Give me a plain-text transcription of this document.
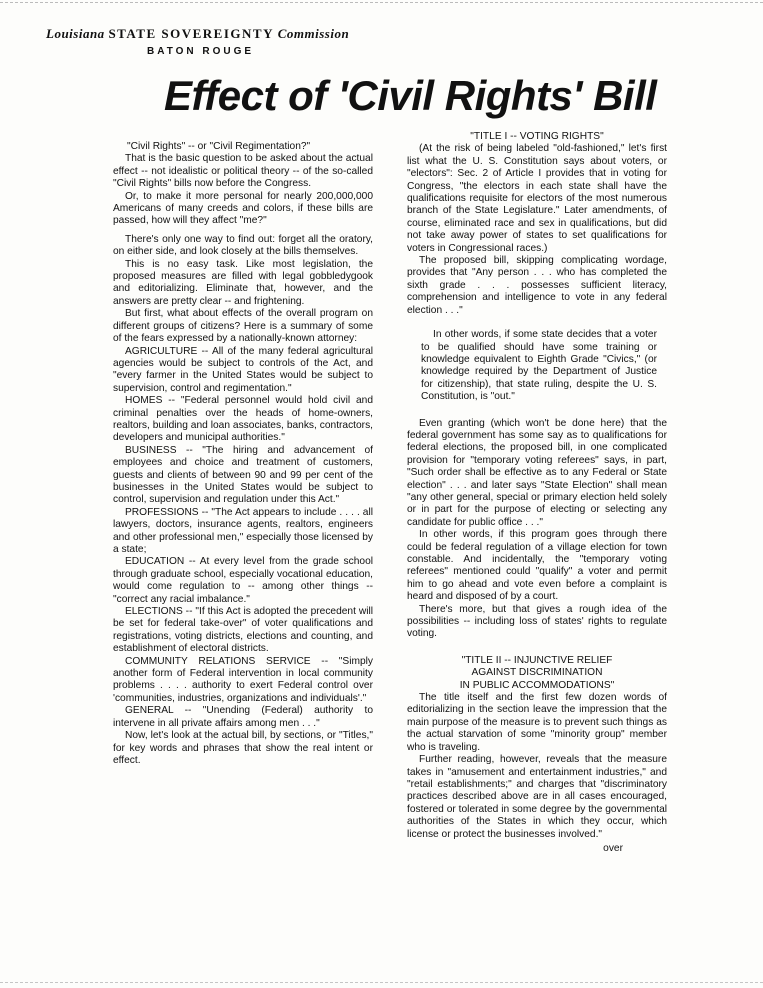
Louisiana STATE SOVEREIGNTY Commission
BATON ROUGE
Effect of 'Civil Rights' Bill

"Civil Rights" -- or "Civil Regimentation?"

That is the basic question to be asked about the actual effect -- not idealistic or political theory -- of the so-called "Civil Rights" bills now before the Congress.

Or, to make it more personal for nearly 200,000,000 Americans of many creeds and colors, if these bills are passed, how will they affect "me?"

There's only one way to find out: forget all the oratory, on either side, and look closely at the bills themselves.

This is no easy task. Like most legislation, the proposed measures are filled with legal gobbledygook and editorializing. Eliminate that, however, and the answers are pretty clear -- and frightening.

But first, what about effects of the overall program on different groups of citizens? Here is a summary of some of the fears expressed by a nationally-known attorney:

AGRICULTURE -- All of the many federal agricultural agencies would be subject to controls of the Act, and "every farmer in the United States would be subject to supervision, control and regimentation."

HOMES -- "Federal personnel would hold civil and criminal penalties over the heads of home-owners, realtors, building and loan associates, banks, contractors, developers and municipal authorities."

BUSINESS -- "The hiring and advancement of employees and choice and treatment of customers, guests and clients of between 90 and 99 per cent of the businesses in the United States would be subject to control, supervision and regulation under this Act."

PROFESSIONS -- "The Act appears to include . . . . all lawyers, doctors, insurance agents, realtors, engineers and other professional men," especially those licensed by a state;

EDUCATION -- At every level from the grade school through graduate school, especially vocational education, would come regulation to -- among other things -- "correct any racial imbalance."

ELECTIONS -- "If this Act is adopted the precedent will be set for federal take-over" of voter qualifications and registrations, voting districts, elections and counting, and establishment of electoral districts.

COMMUNITY RELATIONS SERVICE -- "Simply another form of Federal intervention in local community problems . . . . authority to exert Federal control over 'communities, industries, organizations and individuals'."

GENERAL -- "Unending (Federal) authority to intervene in all private affairs among men . . ."

Now, let's look at the actual bill, by sections, or "Titles," for key words and phrases that show the real intent or effect.

"TITLE I -- VOTING RIGHTS"

(At the risk of being labeled "old-fashioned," let's first list what the U. S. Constitution says about voters, or "electors": Sec. 2 of Article I provides that in voting for Congress, "the electors in each state shall have the qualifications requisite for electors of the most numerous branch of the State Legislature." Later amendments, of course, eliminated race and sex in qualifications, but did not take away power of states to set qualifications for voters in Congressional races.)

The proposed bill, skipping complicating wordage, provides that "Any person . . . who has completed the sixth grade . . . possesses sufficient literacy, comprehension and intelligence to vote in any federal election . . ."

In other words, if some state decides that a voter to be qualified should have some training or knowledge equivalent to Eighth Grade "Civics," (or knowledge required by the Department of Justice for citizenship), that state ruling, despite the U. S. Constitution, is "out."

Even granting (which won't be done here) that the federal government has some say as to qualifications for federal elections, the proposed bill, in one complicated provision for "temporary voting referees" says, in part, "Such order shall be effective as to any Federal or State election" . . . and later says "State Election" shall mean "any other general, special or primary election held solely or in part for the purpose of electing or selecting any candidate for public office . . ."

In other words, if this program goes through there could be federal regulation of a village election for town constable. And incidentally, the "temporary voting referees" mentioned could "qualify" a voter and permit him to go ahead and vote even before a complaint is heard and disposed of by a court.

There's more, but that gives a rough idea of the possibilities -- including loss of states' rights to regulate voting.

"TITLE II -- INJUNCTIVE RELIEF
AGAINST DISCRIMINATION
IN PUBLIC ACCOMMODATIONS"

The title itself and the first few dozen words of editorializing in the section leave the impression that the main purpose of the measure is to prevent such things as the actual starvation of some "minority group" member who is traveling.

Further reading, however, reveals that the measure takes in "amusement and entertainment industries," and "retail establishments;" and charges that "discriminatory practices described above are in all cases encouraged, fostered or tolerated in some degree by the governmental authorities of the States in which they occur, which license or protect the businesses involved."

over
